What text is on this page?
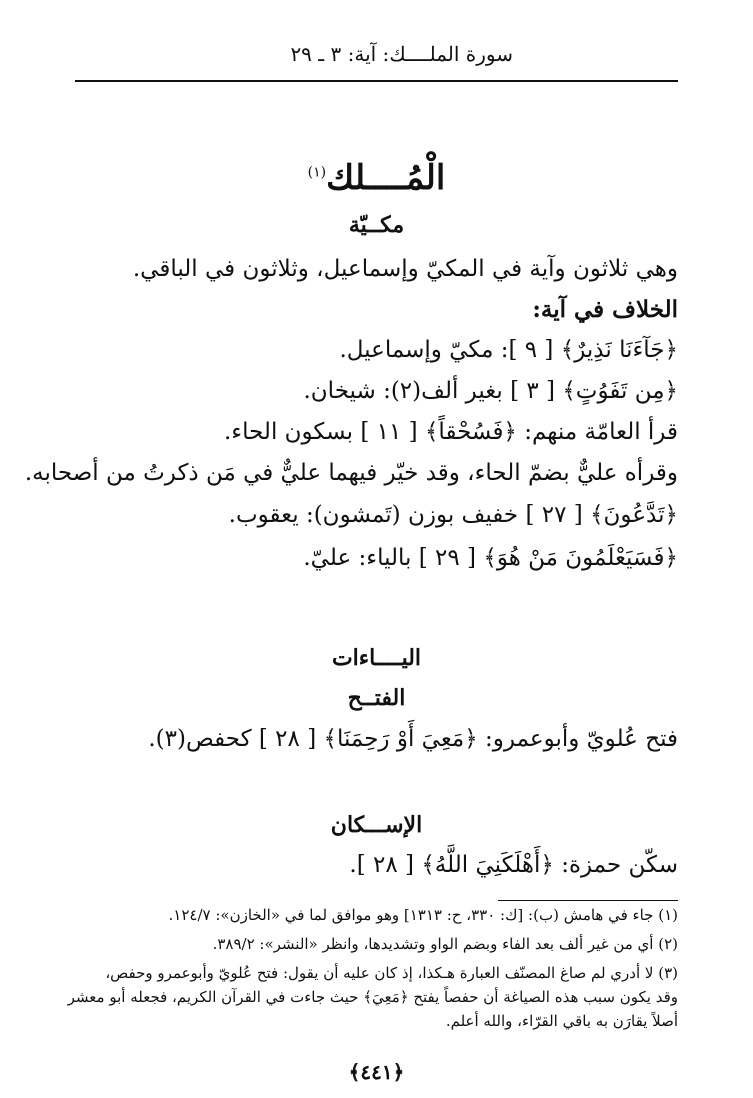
سورة الملــــك: آية: ٣ ـ ٢٩
الْمُــــلك$^{(١)}$
مكــيّة
وهي ثلاثون وآية في المكيّ وإسماعيل، وثلاثون في الباقي.
الخلاف في آية:
﴿جَآءَنَا نَذِيرٌ﴾ [ ٩ ]: مكيّ وإسماعيل.
﴿مِن تَفَوُتٍ﴾ [ ٣ ] بغير ألف(٢): شيخان.
قرأ العامّة منهم: ﴿فَسُحْقاً﴾ [ ١١ ] بسكون الحاء.
وقرأه عليٌّ بضمّ الحاء، وقد خيّر فيهما عليٌّ في مَن ذكرتُ من أصحابه.
﴿تَدَّعُونَ﴾ [ ٢٧ ] خفيف بوزن (تَمشون): يعقوب.
﴿فَسَيَعْلَمُونَ مَنْ هُوَ﴾ [ ٢٩ ] بالياء: عليّ.
اليــــاءات
الفتــح
فتح عُلويّ وأبوعمرو: ﴿مَعِيَ أَوْ رَحِمَنَا﴾ [ ٢٨ ] كحفص(٣).
الإســـكان
سكّن حمزة: ﴿أَهْلَكَنِيَ اللَّهُ﴾ [ ٢٨ ].
(١) جاء في هامش (ب): [ك: ٣٣٠، ح: ١٣١٣] وهو موافق لما في «الخازن»: ١٢٤/٧.
(٢) أي من غير ألف بعد الفاء وبضم الواو وتشديدها، وانظر «النشر»: ٣٨٩/٢.
(٣) لا أدري لم صاغ المصنّف العبارة هـكذا، إذ كان عليه أن يقول: فتح عُلويّ وأبوعمرو وحفص،
وقد يكون سبب هذه الصياغة أن حفصاً يفتح ﴿مَعِيَ﴾ حيث جاءت في القرآن الكريم، فجعله أبو معشر
أصلاً يقارَن به باقي القرّاء، والله أعلم.
﴿٤٤١﴾
